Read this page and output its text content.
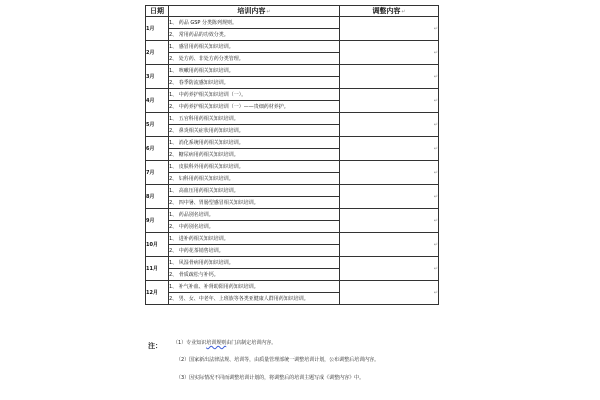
日期	培训内容↵	调整内容↵
1月	1、 药品 GSP 分类陈列规则。	↵
	2、 常用药品的功效分类。	
2月	1、 感冒用药相关知识培训。	↵
	2、 处方药、非处方药分类管理。	
3月	1、 咳嗽用药相关知识培训。	↵
	2、 春季防流感知识培训。	
4月	1、 中药养护相关知识培训（一）。	↵
	2、 中药养护相关知识培训（一）——贵细药材养护。	
5月	1、 五官科用药相关知识培训。	↵
	2、 鼻炎相关症状用药知识培训。	
6月	1、 消化系统用药相关知识培训。	↵
	2、 糖尿病用药相关知识培训。	
7月	1、 皮肤科外用药相关知识培训。	↵
	2、 妇科用药相关知识培训。	
8月	1、 高血压用药相关知识培训。	↵
	2、 四中暑、胃肠型感冒相关知识培训。	
9月	1、 药品别名培训。	↵
	2、 中药别名培训。	
10月	1、 进补药相关知识培训。	↵
	2、 中药花茶销售培训。	
11月	1、 风湿骨病用药知识培训。	↵
	2、 骨质疏松与补钙。	
12月	1、 补气补血、补肾助阳用药知识培训。	↵
	2、 男、女、中老年、上班族等各类亚健康人群用药知识培训。	
注： （1）专业知识培训规则由门店制定培训内容。
（2）国家新出法律法规、培训等，由质量管理部统一调整培训计划，公布调整后培训内容。
（3）因实际情况不同而调整培训计划的，将调整后的培训主题写成《调整内容》中。
